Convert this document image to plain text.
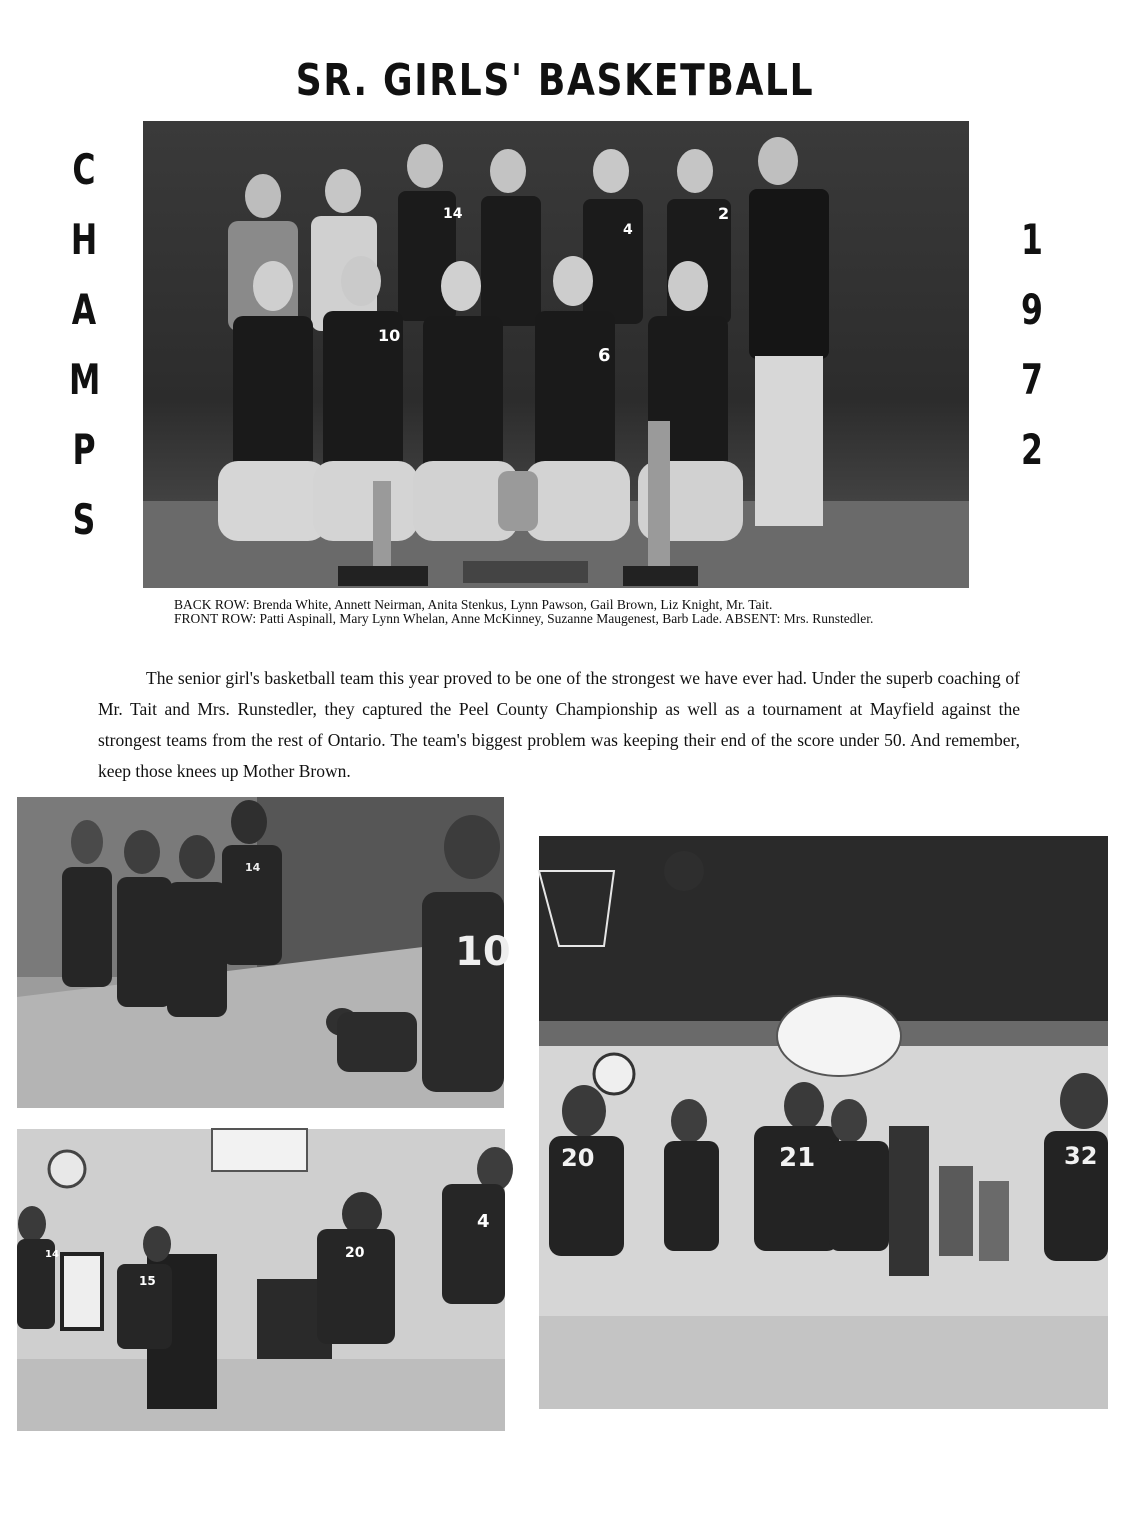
SR. GIRLS' BASKETBALL
C
H
A
M
P
S
1
9
7
2
14
4
2
10
6

BACK ROW: Brenda White, Annett Neirman, Anita Stenkus, Lynn Pawson, Gail Brown, Liz Knight, Mr. Tait.

FRONT ROW: Patti Aspinall, Mary Lynn Whelan, Anne McKinney, Suzanne Maugenest, Barb Lade. ABSENT: Mrs. Runstedler.

The senior girl's basketball team this year proved to be one of the strongest we have ever had. Under the superb coaching of Mr. Tait and Mrs. Runstedler, they captured the Peel County Championship as well as a tournament at Mayfield against the strongest teams from the rest of Ontario. The team's biggest problem was keeping their end of the score under 50. And remember, keep those knees up Mother Brown.

14
10
14
15
20
4
20	21	32
